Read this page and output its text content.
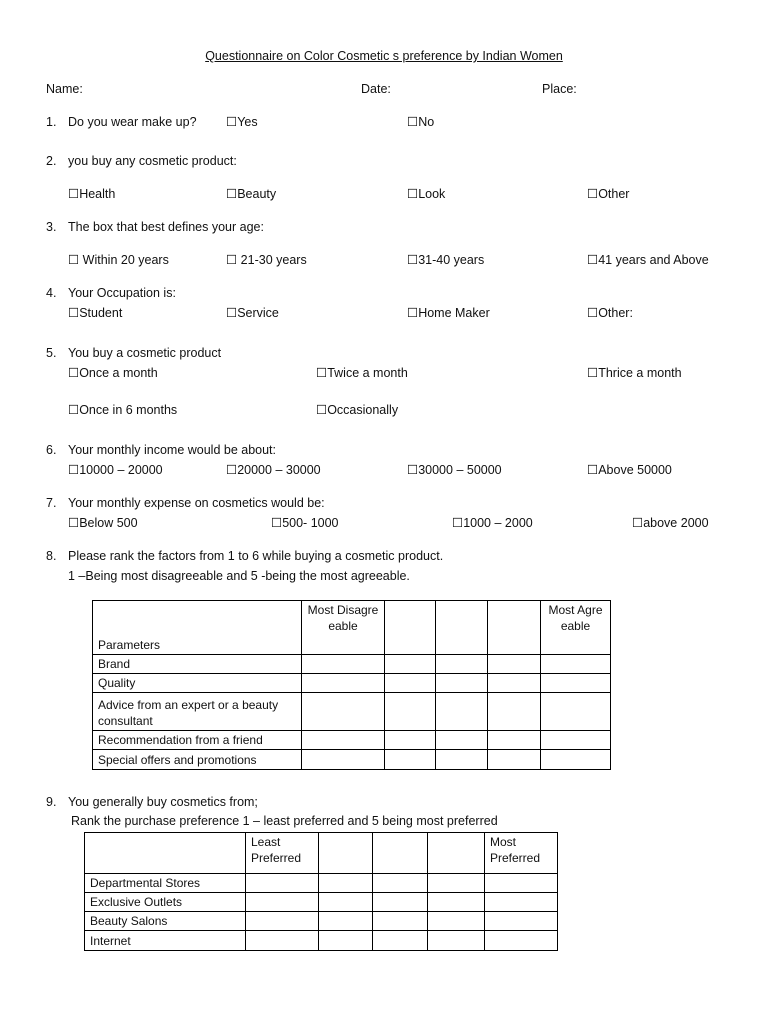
Questionnaire on Color Cosmetic s preference by Indian Women
Name:	Date:	Place:
1. Do you wear make up? ☐Yes	☐No
2. you buy any cosmetic product:
☐Health	☐Beauty	☐Look	☐Other
3. The box that best defines your age:
☐ Within 20 years	☐ 21-30 years	☐31-40 years	☐41 years and Above
4. Your Occupation is:
☐Student	☐Service	☐Home Maker	☐Other:
5. You buy a cosmetic product
☐Once a month	☐Twice a month	☐Thrice a month
☐Once in 6 months	☐Occasionally
6. Your monthly income would be about:
☐10000 – 20000	☐20000 – 30000	☐30000 – 50000	☐Above 50000
7. Your monthly expense on cosmetics would be:
☐Below 500	☐500- 1000	☐1000 – 2000	☐above 2000
8. Please rank the factors from 1 to 6 while buying a cosmetic product.
1 –Being most disagreeable and 5 -being the most agreeable.
Parameters	Most Disagreeable				Most Agreeable
Brand					
Quality					
Advice from an expert or a beauty consultant					
Recommendation from a friend					
Special offers and promotions					
9. You generally buy cosmetics from;
Rank the purchase preference 1 – least preferred and 5 being most preferred
	Least Preferred				Most Preferred
Departmental Stores					
Exclusive Outlets					
Beauty Salons					
Internet					
